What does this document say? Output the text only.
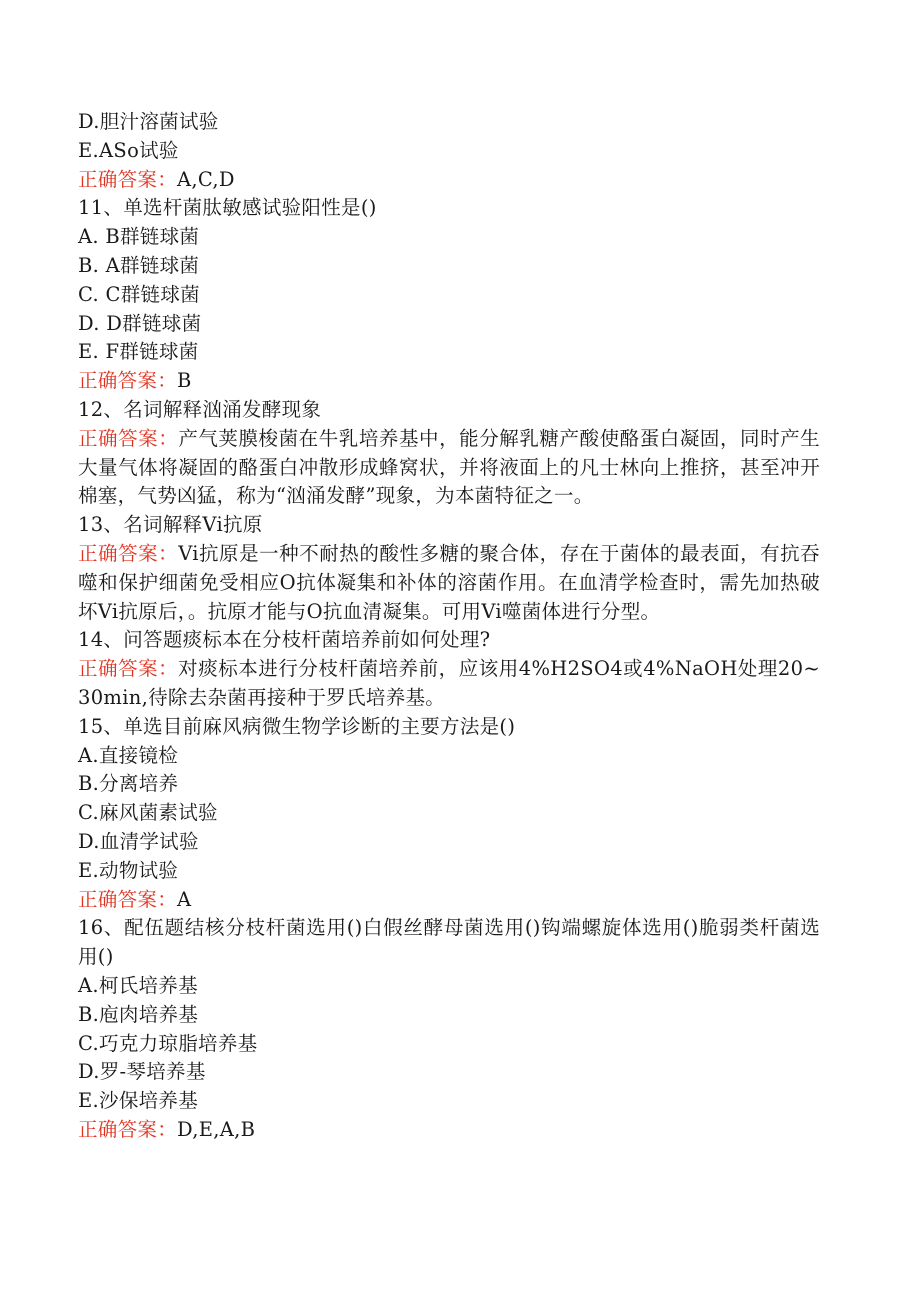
D.胆汁溶菌试验
E.ASo试验
正确答案：A,C,D
11、单选杆菌肽敏感试验阳性是()
A. B群链球菌
B. A群链球菌
C. C群链球菌
D. D群链球菌
E. F群链球菌
正确答案：B
12、名词解释汹涌发酵现象
正确答案：产气荚膜梭菌在牛乳培养基中，能分解乳糖产酸使酪蛋白凝固，同时产生大量气体将凝固的酪蛋白冲散形成蜂窝状，并将液面上的凡士林向上推挤，甚至冲开棉塞，气势凶猛，称为“汹涌发酵”现象，为本菌特征之一。
13、名词解释Vi抗原
正确答案：Vi抗原是一种不耐热的酸性多糖的聚合体，存在于菌体的最表面，有抗吞噬和保护细菌免受相应O抗体凝集和补体的溶菌作用。在血清学检查时，需先加热破坏Vi抗原后，。抗原才能与O抗血清凝集。可用Vi噬菌体进行分型。
14、问答题痰标本在分枝杆菌培养前如何处理?
正确答案：对痰标本进行分枝杆菌培养前，应该用4%H2SO4或4%NaOH处理20~30min,待除去杂菌再接种于罗氏培养基。
15、单选目前麻风病微生物学诊断的主要方法是()
A.直接镜检
B.分离培养
C.麻风菌素试验
D.血清学试验
E.动物试验
正确答案：A
16、配伍题结核分枝杆菌选用()白假丝酵母菌选用()钩端螺旋体选用()脆弱类杆菌选用()
A.柯氏培养基
B.庖肉培养基
C.巧克力琼脂培养基
D.罗-琴培养基
E.沙保培养基
正确答案：D,E,A,B
